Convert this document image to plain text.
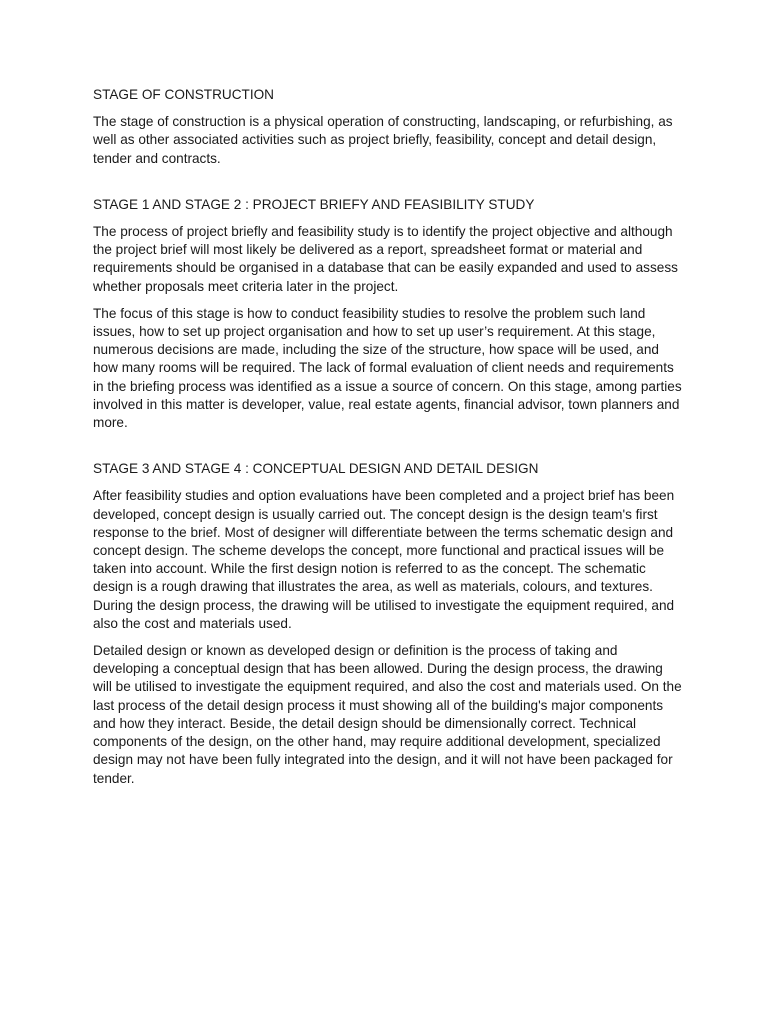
STAGE OF CONSTRUCTION

The stage of construction is a physical operation of constructing, landscaping, or refurbishing, as well as other associated activities such as project briefly, feasibility, concept and detail design, tender and contracts.

STAGE 1 AND STAGE 2 : PROJECT BRIEFY AND FEASIBILITY STUDY

The process of project briefly and feasibility study is to identify the project objective and although the project brief will most likely be delivered as a report, spreadsheet format or material and requirements should be organised in a database that can be easily expanded and used to assess whether proposals meet criteria later in the project.

The focus of this stage is how to conduct feasibility studies to resolve the problem such land issues, how to set up project organisation and how to set up user’s requirement. At this stage, numerous decisions are made, including the size of the structure, how space will be used, and how many rooms will be required. The lack of formal evaluation of client needs and requirements in the briefing process was identified as a issue a source of concern. On this stage, among parties involved in this matter is developer, value, real estate agents, financial advisor, town planners and more.

STAGE 3 AND STAGE 4 : CONCEPTUAL DESIGN AND DETAIL DESIGN

After feasibility studies and option evaluations have been completed and a project brief has been developed, concept design is usually carried out. The concept design is the design team's first response to the brief. Most of designer will differentiate between the terms schematic design and concept design. The scheme develops the concept, more functional and practical issues will be taken into account. While the first design notion is referred to as the concept. The schematic design is a rough drawing that illustrates the area, as well as materials, colours, and textures. During the design process, the drawing will be utilised to investigate the equipment required, and also the cost and materials used.

Detailed design or known as developed design or definition is the process of taking and developing a conceptual design that has been allowed. During the design process, the drawing will be utilised to investigate the equipment required, and also the cost and materials used. On the last process of the detail design process it must showing all of the building's major components and how they interact. Beside, the detail design should be dimensionally correct. Technical components of the design, on the other hand, may require additional development, specialized design may not have been fully integrated into the design, and it will not have been packaged for tender.
